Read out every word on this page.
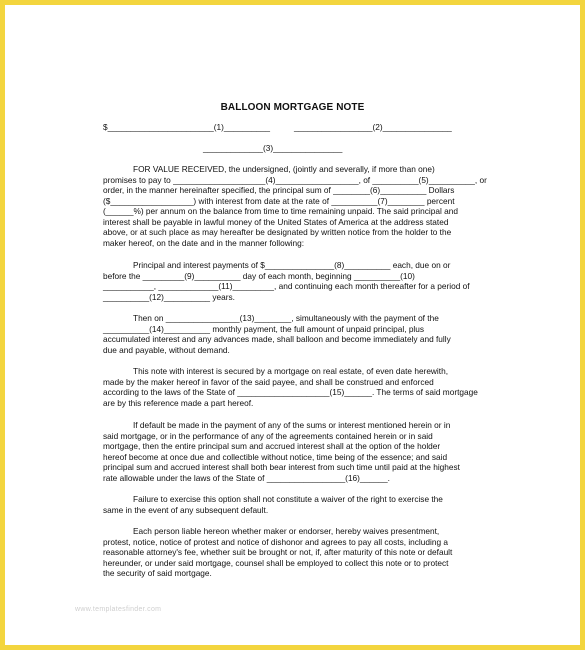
BALLOON MORTGAGE NOTE
$_______________________(1)__________	_________________(2)_______________
_____________(3)_______________
FOR VALUE RECEIVED, the undersigned, (jointly and severally, if more than one)
promises to pay to ____________________(4)__________________, of __________(5)__________, or
order, in the manner hereinafter specified, the principal sum of ________(6)__________ Dollars
($__________________) with interest from date at the rate of __________(7)________ percent
(______%) per annum on the balance from time to time remaining unpaid. The said principal and
interest shall be payable in lawful money of the United States of America at the address stated
above, or at such place as may hereafter be designated by written notice from the holder to the
maker hereof, on the date and in the manner following:
Principal and interest payments of $_______________(8)__________ each, due on or
before the _________(9)__________ day of each month, beginning __________(10)
___________, _____________(11)_________, and continuing each month thereafter for a period of
__________(12)__________ years.
Then on ________________(13)________, simultaneously with the payment of the
__________(14)__________ monthly payment, the full amount of unpaid principal, plus
accumulated interest and any advances made, shall balloon and become immediately and fully
due and payable, without demand.
This note with interest is secured by a mortgage on real estate, of even date herewith,
made by the maker hereof in favor of the said payee, and shall be construed and enforced
according to the laws of the State of ____________________(15)______. The terms of said mortgage
are by this reference made a part hereof.
If default be made in the payment of any of the sums or interest mentioned herein or in
said mortgage, or in the performance of any of the agreements contained herein or in said
mortgage, then the entire principal sum and accrued interest shall at the option of the holder
hereof become at once due and collectible without notice, time being of the essence; and said
principal sum and accrued interest shall both bear interest from such time until paid at the highest
rate allowable under the laws of the State of _________________(16)______.
Failure to exercise this option shall not constitute a waiver of the right to exercise the
same in the event of any subsequent default.
Each person liable hereon whether maker or endorser, hereby waives presentment,
protest, notice, notice of protest and notice of dishonor and agrees to pay all costs, including a
reasonable attorney's fee, whether suit be brought or not, if, after maturity of this note or default
hereunder, or under said mortgage, counsel shall be employed to collect this note or to protect
the security of said mortgage.
www.templatesfinder.com
